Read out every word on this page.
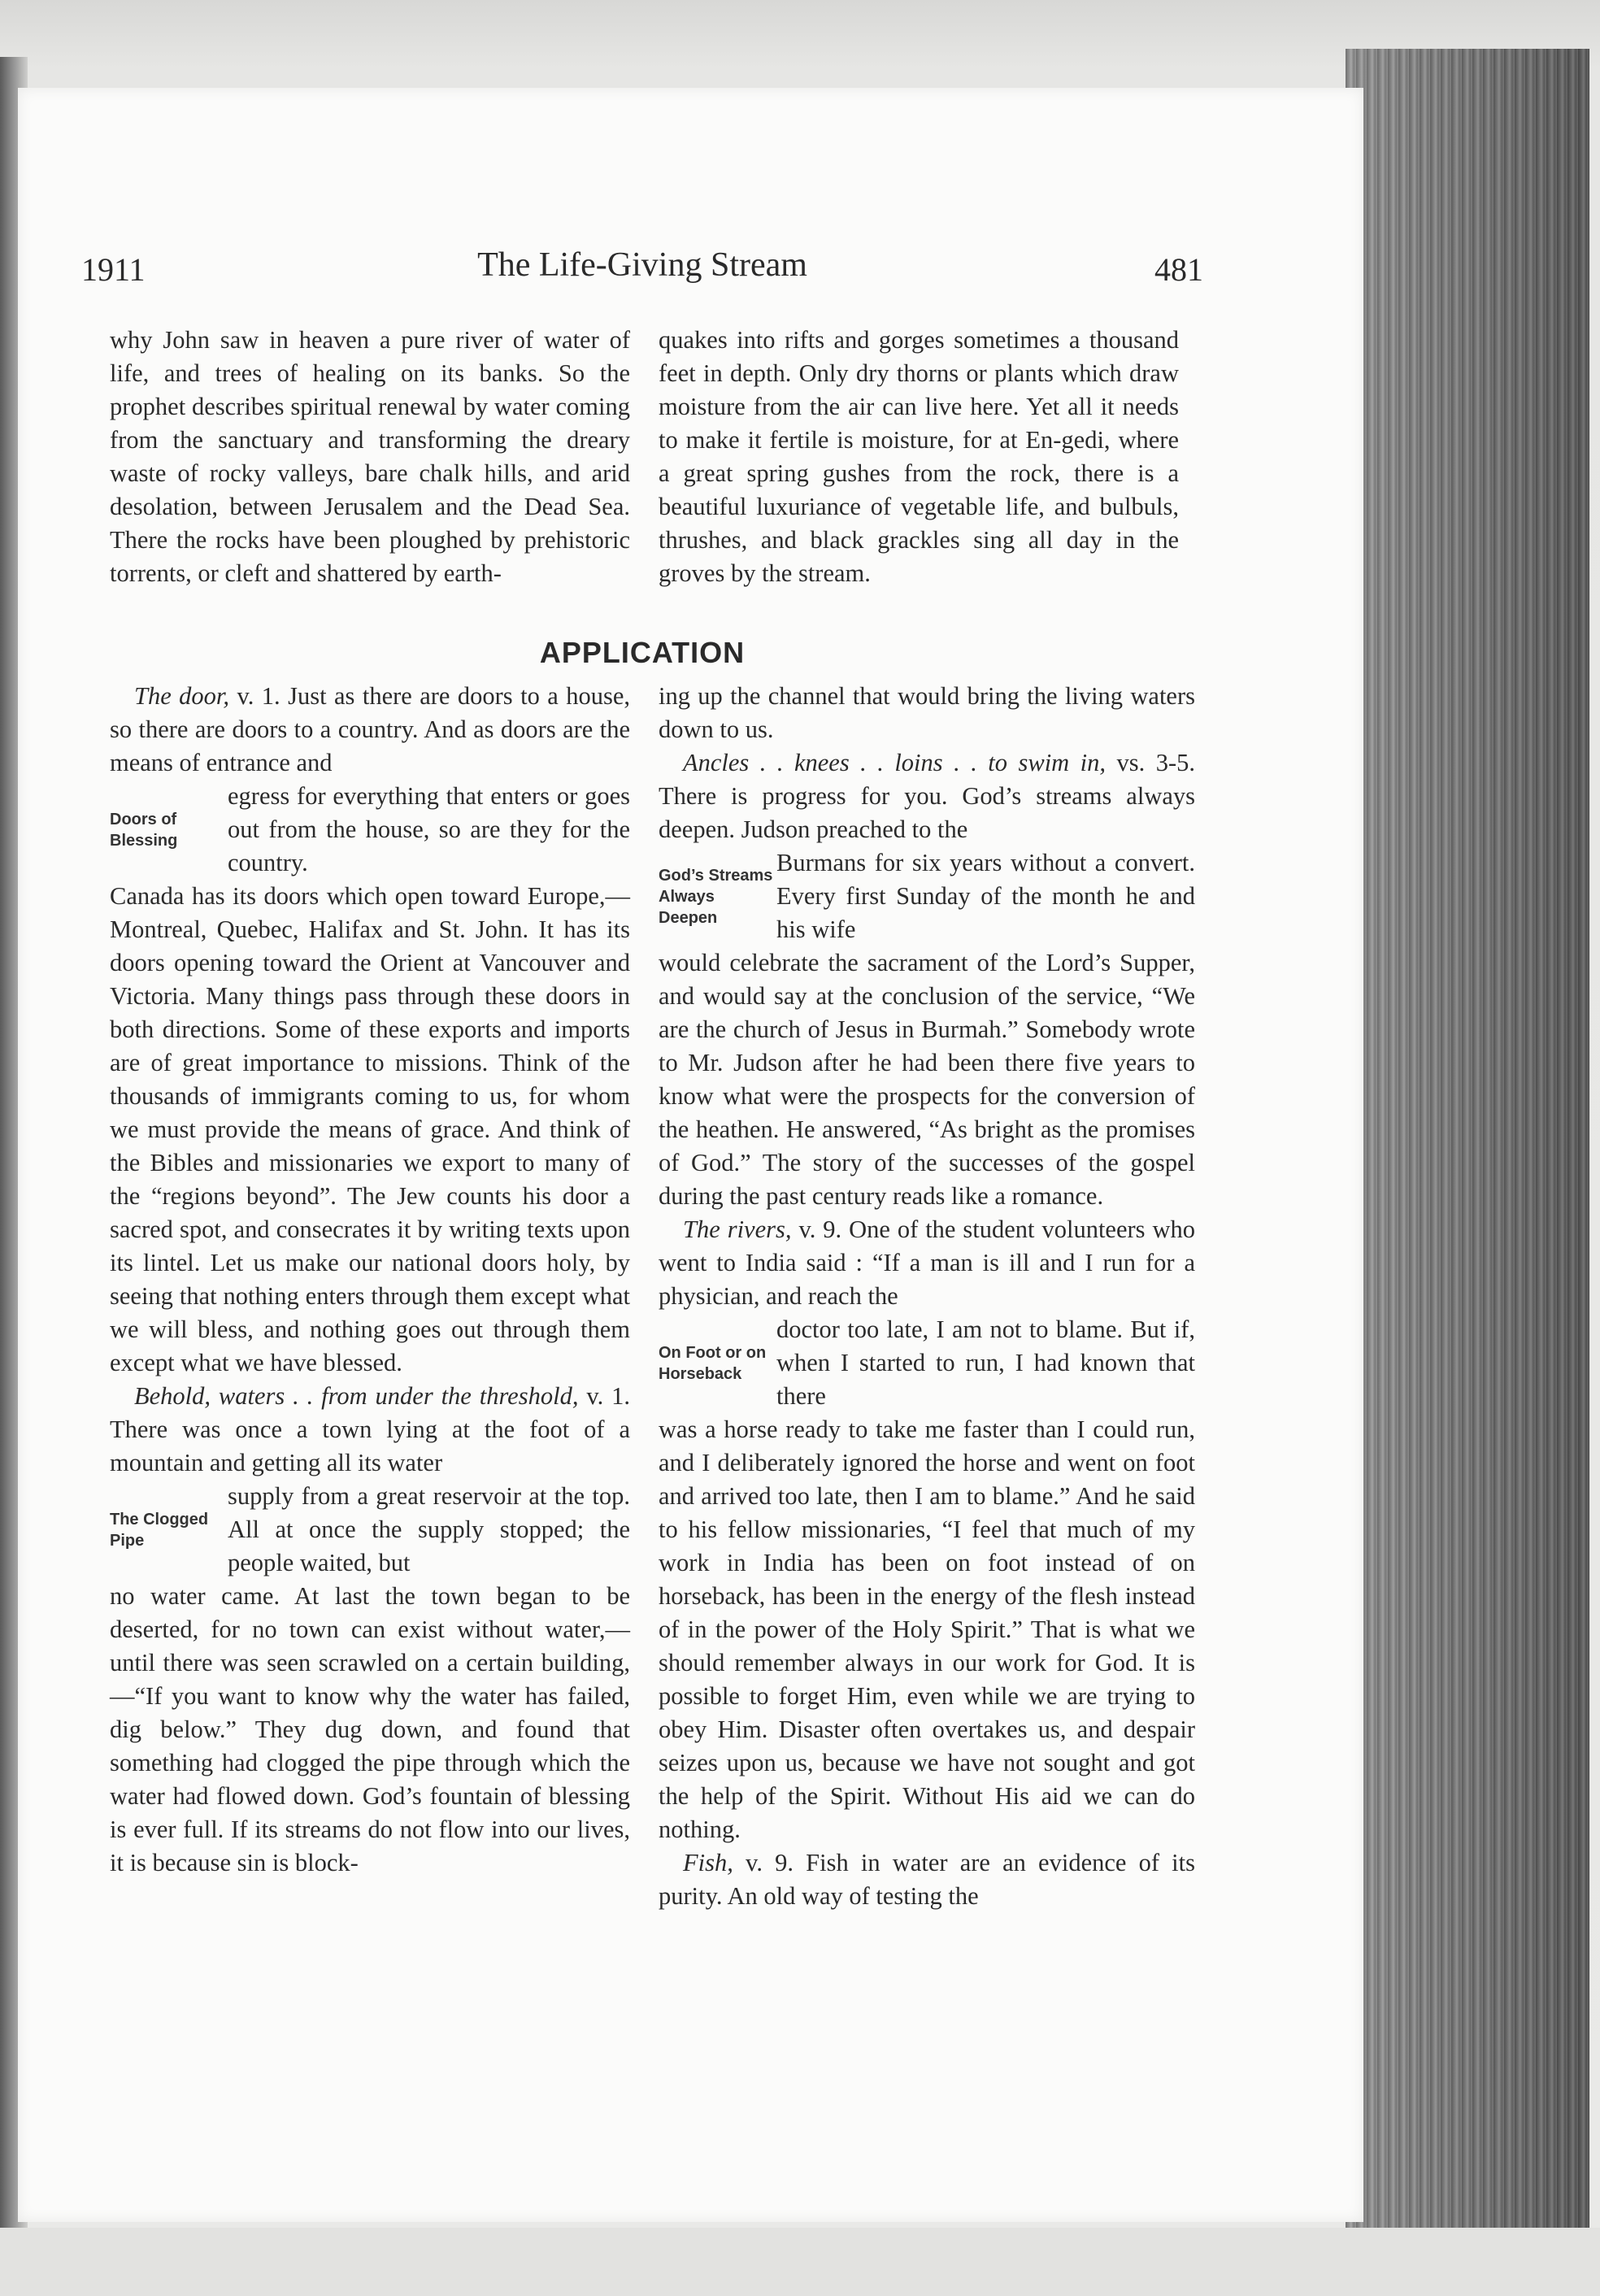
1911	The Life-Giving Stream	481

why John saw in heaven a pure river of water of life, and trees of healing on its banks. So the prophet describes spiritual renewal by water coming from the sanctuary and transforming the dreary waste of rocky valleys, bare chalk hills, and arid desolation, between Jerusalem and the Dead Sea. There the rocks have been ploughed by prehistoric torrents, or cleft and shattered by earth-

quakes into rifts and gorges sometimes a thousand feet in depth. Only dry thorns or plants which draw moisture from the air can live here. Yet all it needs to make it fertile is moisture, for at En-gedi, where a great spring gushes from the rock, there is a beautiful luxuriance of vegetable life, and bulbuls, thrushes, and black grackles sing all day in the groves by the stream.

APPLICATION

The door, v. 1. Just as there are doors to a house, so there are doors to a country. And as doors are the means of entrance and

Doors of Blessing
egress for everything that enters or goes out from the house, so are they for the country.

Canada has its doors which open toward Europe,—Montreal, Quebec, Halifax and St. John. It has its doors opening toward the Orient at Vancouver and Victoria. Many things pass through these doors in both directions. Some of these exports and imports are of great importance to missions. Think of the thousands of immigrants coming to us, for whom we must provide the means of grace. And think of the Bibles and missionaries we export to many of the “regions beyond”. The Jew counts his door a sacred spot, and consecrates it by writing texts upon its lintel. Let us make our national doors holy, by seeing that nothing enters through them except what we will bless, and nothing goes out through them except what we have blessed.

Behold, waters . . from under the threshold, v. 1. There was once a town lying at the foot of a mountain and getting all its water

The Clogged Pipe
supply from a great reservoir at the top. All at once the supply stopped; the people waited, but

no water came. At last the town began to be deserted, for no town can exist without water,—until there was seen scrawled on a certain building,—“If you want to know why the water has failed, dig below.” They dug down, and found that something had clogged the pipe through which the water had flowed down. God’s fountain of blessing is ever full. If its streams do not flow into our lives, it is because sin is block-

ing up the channel that would bring the living waters down to us.

Ancles . . knees . . loins . . to swim in, vs. 3-5. There is progress for you. God’s streams always deepen. Judson preached to the

God’s Streams Always Deepen
Burmans for six years without a convert. Every first Sunday of the month he and his wife

would celebrate the sacrament of the Lord’s Supper, and would say at the conclusion of the service, “We are the church of Jesus in Burmah.” Somebody wrote to Mr. Judson after he had been there five years to know what were the prospects for the conversion of the heathen. He answered, “As bright as the promises of God.” The story of the successes of the gospel during the past century reads like a romance.

The rivers, v. 9. One of the student volunteers who went to India said : “If a man is ill and I run for a physician, and reach the

On Foot or on Horseback
doctor too late, I am not to blame. But if, when I started to run, I had known that there

was a horse ready to take me faster than I could run, and I deliberately ignored the horse and went on foot and arrived too late, then I am to blame.” And he said to his fellow missionaries, “I feel that much of my work in India has been on foot instead of on horseback, has been in the energy of the flesh instead of in the power of the Holy Spirit.” That is what we should remember always in our work for God. It is possible to forget Him, even while we are trying to obey Him. Disaster often overtakes us, and despair seizes upon us, because we have not sought and got the help of the Spirit. Without His aid we can do nothing.

Fish, v. 9. Fish in water are an evidence of its purity. An old way of testing the
